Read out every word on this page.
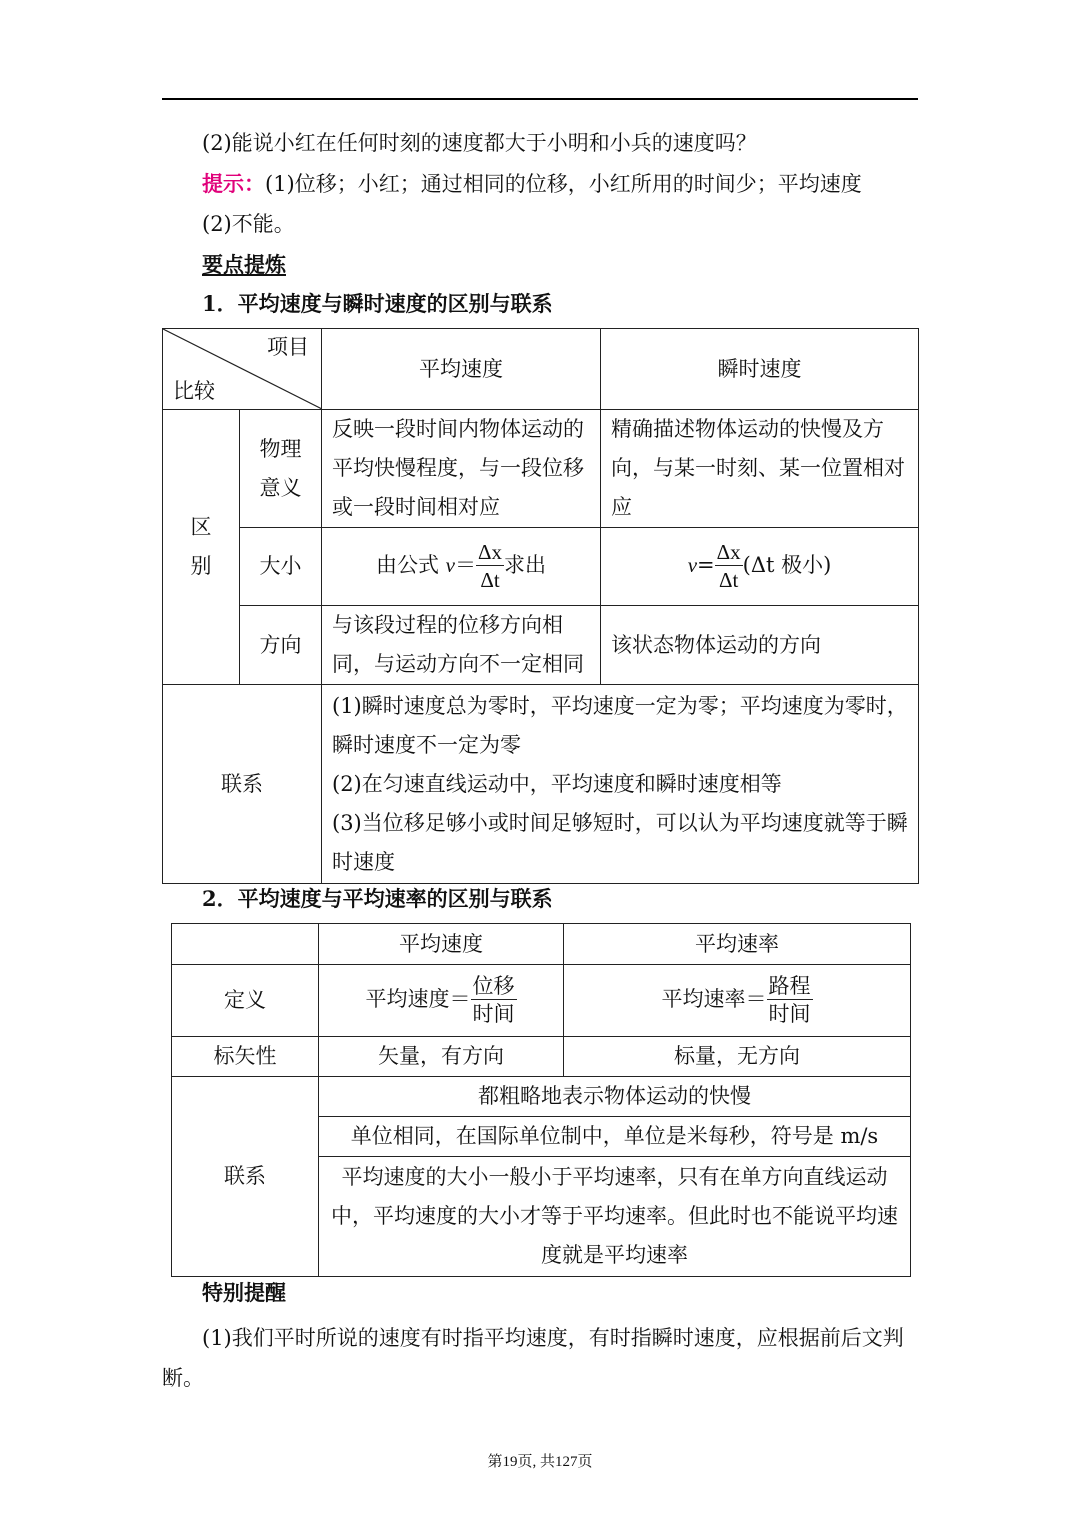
(2)能说小红在任何时刻的速度都大于小明和小兵的速度吗？
提示：(1)位移；小红；通过相同的位移，小红所用的时间少；平均速度
(2)不能。
要点提炼
1．平均速度与瞬时速度的区别与联系
项目
比较		平均速度	瞬时速度
区别	物理意义	反映一段时间内物体运动的平均快慢程度，与一段位移或一段时间相对应	精确描述物体运动的快慢及方向，与某一时刻、某一位置相对应
	大小	由公式 $v= \frac{\Delta x}{\Delta t}$ 求出	$v= \frac{\Delta x}{\Delta t} (\Delta t$ 极小)
	方向	与该段过程的位移方向相同，与运动方向不一定相同	该状态物体运动的方向
联系		(1)瞬时速度总为零时，平均速度一定为零；平均速度为零时，瞬时速度不一定为零
(2)在匀速直线运动中，平均速度和瞬时速度相等
(3)当位移足够小或时间足够短时，可以认为平均速度就等于瞬时速度	
2．平均速度与平均速率的区别与联系
	平均速度	平均速率
定义	平均速度＝ $\frac{\text{位移}}{\text{时间}}$	平均速率＝ $\frac{\text{路程}}{\text{时间}}$

标矢性	矢量，有方向	标量，无方向
联系	都粗略地表示物体运动的快慢	
	单位相同，在国际单位制中，单位是米每秒，符号是 m/s	
	平均速度的大小一般小于平均速率，只有在单方向直线运动中，平均速度的大小才等于平均速率。但此时也不能说平均速度就是平均速率	
特别提醒
(1)我们平时所说的速度有时指平均速度，有时指瞬时速度，应根据前后文判断。
第19页, 共127页
